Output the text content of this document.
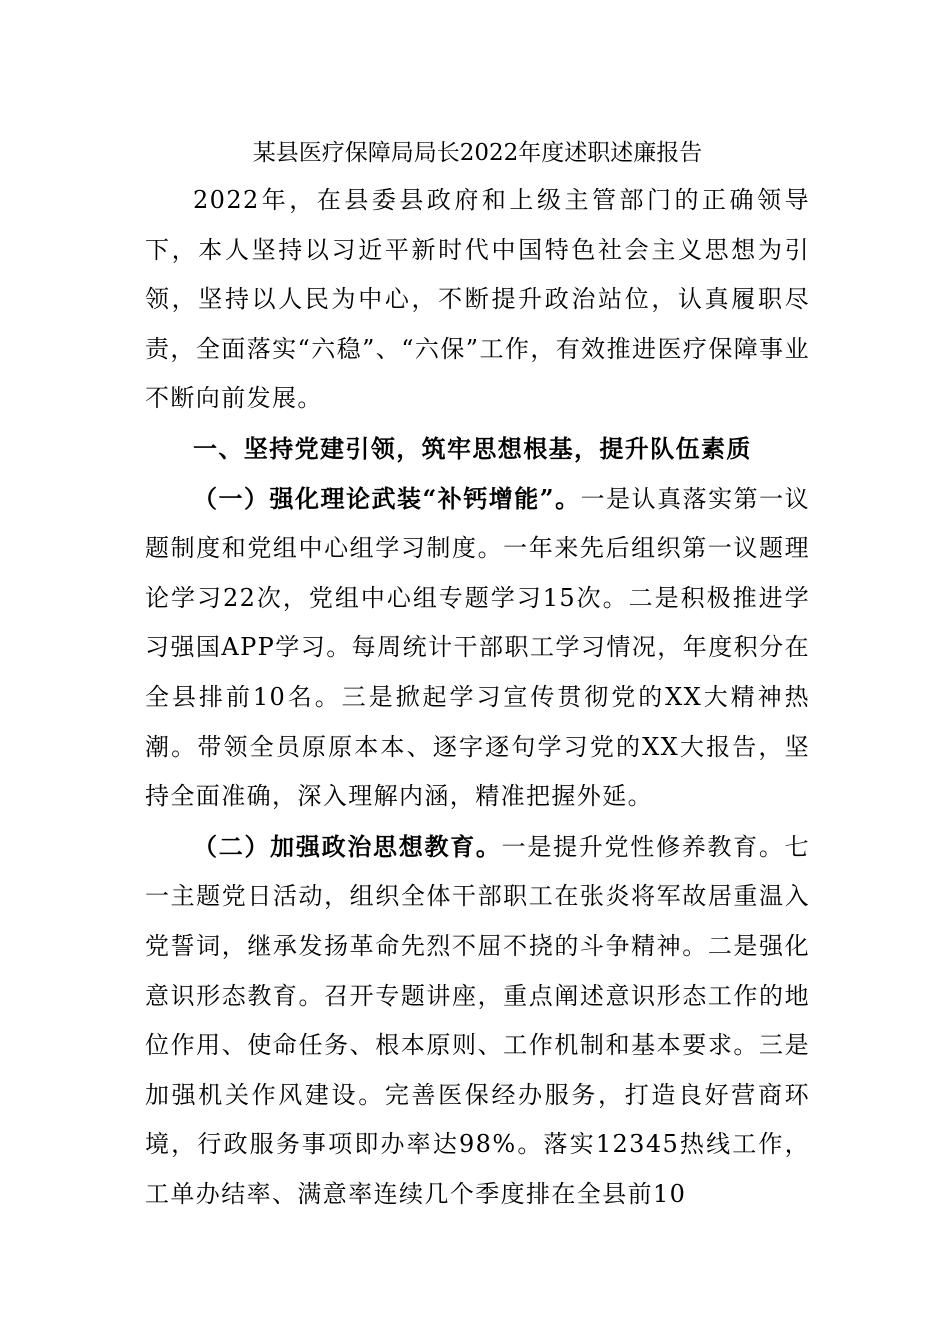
某县医疗保障局局长2022年度述职述廉报告

2022年，在县委县政府和上级主管部门的正确领导下，本人坚持以习近平新时代中国特色社会主义思想为引领，坚持以人民为中心，不断提升政治站位，认真履职尽责，全面落实“六稳”、“六保”工作，有效推进医疗保障事业不断向前发展。

一、坚持党建引领，筑牢思想根基，提升队伍素质

（一）强化理论武装“补钙增能”。一是认真落实第一议题制度和党组中心组学习制度。一年来先后组织第一议题理论学习22次，党组中心组专题学习15次。二是积极推进学习强国APP学习。每周统计干部职工学习情况，年度积分在全县排前10名。三是掀起学习宣传贯彻党的XX大精神热潮。带领全员原原本本、逐字逐句学习党的XX大报告，坚持全面准确，深入理解内涵，精准把握外延。

（二）加强政治思想教育。一是提升党性修养教育。七一主题党日活动，组织全体干部职工在张炎将军故居重温入党誓词，继承发扬革命先烈不屈不挠的斗争精神。二是强化意识形态教育。召开专题讲座，重点阐述意识形态工作的地位作用、使命任务、根本原则、工作机制和基本要求。三是加强机关作风建设。完善医保经办服务，打造良好营商环境，行政服务事项即办率达98%。落实12345热线工作，工单办结率、满意率连续几个季度排在全县前10
